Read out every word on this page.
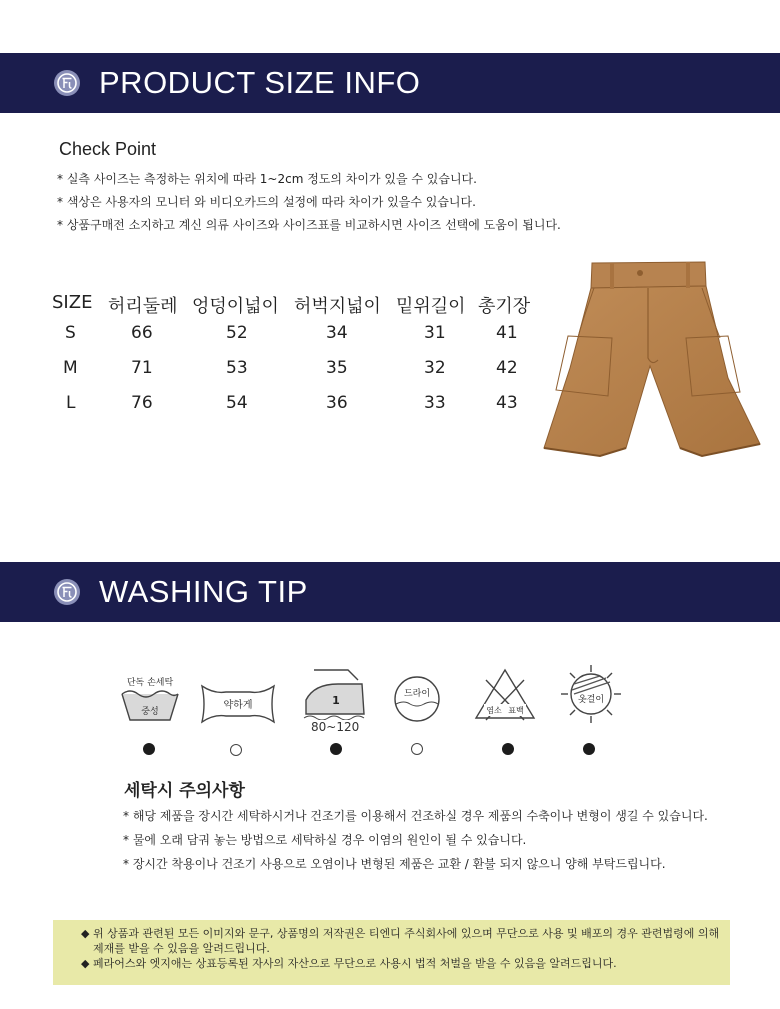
PRODUCT SIZE INFO
Check Point
* 실측 사이즈는 측정하는 위치에 따라 1~2cm 정도의 차이가 있을 수 있습니다.
* 색상은 사용자의 모니터 와 비디오카드의 설정에 따라 차이가 있을수 있습니다.
* 상품구매전 소지하고 계신 의류 사이즈와 사이즈표를 비교하시면 사이즈 선택에 도움이 됩니다.
SIZE 허리둘레 엉덩이넓이 허벅지넓이 밑위길이 총기장
S	66	52	34	31	41
M	71	53	35	32	42
L	76	54	36	33	43
WASHING TIP
단독 손세탁
중성
약하게	1
80~120
드라이
염소 표백
옷걸이
세탁시 주의사항
* 해당 제품을 장시간 세탁하시거나 건조기를 이용해서 건조하실 경우 제품의 수축이나 변형이 생길 수 있습니다.
* 물에 오래 담궈 놓는 방법으로 세탁하실 경우 이염의 원인이 될 수 있습니다.
* 장시간 착용이나 건조기 사용으로 오염이나 변형된 제품은 교환 / 환불 되지 않으니 양해 부탁드립니다.
◆ 위 상품과 관련된 모든 이미지와 문구, 상품명의 저작권은 티엔디 주식회사에 있으며 무단으로 사용 및 배포의 경우 관련법령에 의해
제재를 받을 수 있음을 알려드립니다.
◆ 페라어스와 엣지애는 상표등록된 자사의 자산으로 무단으로 사용시 법적 처벌을 받을 수 있음을 알려드립니다.
